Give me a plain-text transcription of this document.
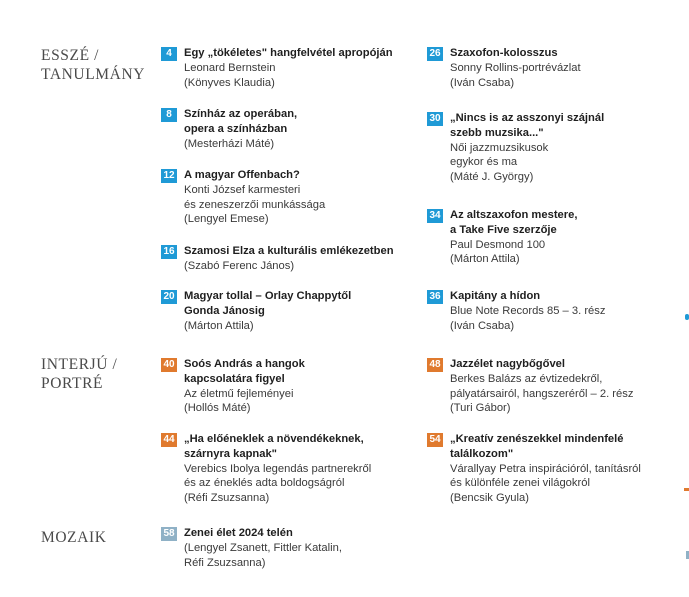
ESSZÉ /
TANULMÁNY
INTERJÚ /
PORTRÉ
MOZAIK
4	Egy „tökéletes" hangfelvétel apropóján
Leonard Bernstein
(Könyves Klaudia)
8	Színház az operában,
opera a színházban
(Mesterházi Máté)
12 A magyar Offenbach?
Konti József karmesteri
és zeneszerzői munkássága
(Lengyel Emese)
16 Szamosi Elza a kulturális emlékezetben
(Szabó Ferenc János)
20 Magyar tollal – Orlay Chappytől
Gonda Jánosig
(Márton Attila)
26 Szaxofon-kolosszus
Sonny Rollins-portrévázlat
(Iván Csaba)
30 „Nincs is az asszonyi szájnál
szebb muzsika..."
Női jazzmuzsikusok
egykor és ma
(Máté J. György)
34 Az altszaxofon mestere,
a Take Five szerzője
Paul Desmond 100
(Márton Attila)
36 Kapitány a hídon
Blue Note Records 85 – 3. rész
(Iván Csaba)
40 Soós András a hangok
kapcsolatára figyel
Az életmű fejleményei
(Hollós Máté)
44 „Ha előéneklek a növendékeknek,
szárnyra kapnak"
Verebics Ibolya legendás partnerekről
és az éneklés adta boldogságról
(Réfi Zsuzsanna)
48 Jazzélet nagybőgővel
Berkes Balázs az évtizedekről,
pályatársairól, hangszeréről – 2. rész
(Turi Gábor)
54 „Kreatív zenészekkel mindenfelé
találkozom"
Várallyay Petra inspirációról, tanításról
és különféle zenei világokról
(Bencsik Gyula)
58 Zenei élet 2024 telén
(Lengyel Zsanett, Fittler Katalin,
Réfi Zsuzsanna)
